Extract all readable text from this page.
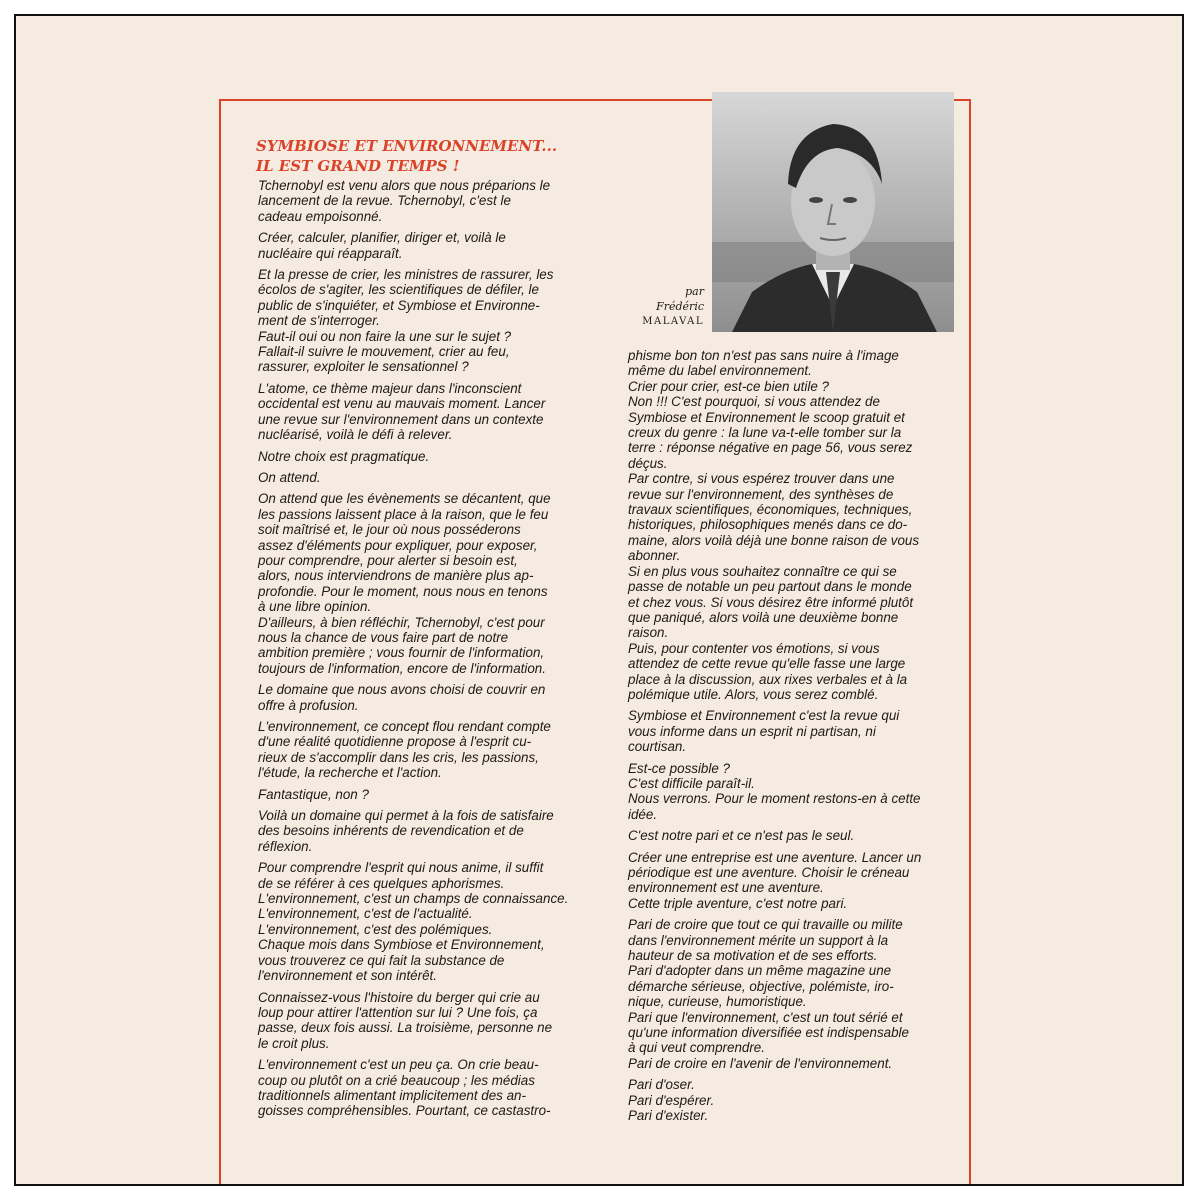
SYMBIOSE ET ENVIRONNEMENT...
IL EST GRAND TEMPS !
par
Frédéric
MALAVAL

Tchernobyl est venu alors que nous préparions le
lancement de la revue. Tchernobyl, c'est le
cadeau empoisonné.

Créer, calculer, planifier, diriger et, voilà le
nucléaire qui réapparaît.

Et la presse de crier, les ministres de rassurer, les
écolos de s'agiter, les scientifiques de défiler, le
public de s'inquiéter, et Symbiose et Environne-
ment de s'interroger.
Faut-il oui ou non faire la une sur le sujet ?
Fallait-il suivre le mouvement, crier au feu,
rassurer, exploiter le sensationnel ?

L'atome, ce thème majeur dans l'inconscient
occidental est venu au mauvais moment. Lancer
une revue sur l'environnement dans un contexte
nucléarisé, voilà le défi à relever.

Notre choix est pragmatique.

On attend.

On attend que les évènements se décantent, que
les passions laissent place à la raison, que le feu
soit maîtrisé et, le jour où nous posséderons
assez d'éléments pour expliquer, pour exposer,
pour comprendre, pour alerter si besoin est,
alors, nous interviendrons de manière plus ap-
profondie. Pour le moment, nous nous en tenons
à une libre opinion.
D'ailleurs, à bien réfléchir, Tchernobyl, c'est pour
nous la chance de vous faire part de notre
ambition première ; vous fournir de l'information,
toujours de l'information, encore de l'information.

Le domaine que nous avons choisi de couvrir en
offre à profusion.

L'environnement, ce concept flou rendant compte
d'une réalité quotidienne propose à l'esprit cu-
rieux de s'accomplir dans les cris, les passions,
l'étude, la recherche et l'action.

Fantastique, non ?

Voilà un domaine qui permet à la fois de satisfaire
des besoins inhérents de revendication et de
réflexion.

Pour comprendre l'esprit qui nous anime, il suffit
de se référer à ces quelques aphorismes.
L'environnement, c'est un champs de connaissance.
L'environnement, c'est de l'actualité.
L'environnement, c'est des polémiques.
Chaque mois dans Symbiose et Environnement,
vous trouverez ce qui fait la substance de
l'environnement et son intérêt.

Connaissez-vous l'histoire du berger qui crie au
loup pour attirer l'attention sur lui ? Une fois, ça
passe, deux fois aussi. La troisième, personne ne
le croit plus.

L'environnement c'est un peu ça. On crie beau-
coup ou plutôt on a crié beaucoup ; les médias
traditionnels alimentant implicitement des an-
goisses compréhensibles. Pourtant, ce castastro-

phisme bon ton n'est pas sans nuire à l'image
même du label environnement.
Crier pour crier, est-ce bien utile ?
Non !!! C'est pourquoi, si vous attendez de
Symbiose et Environnement le scoop gratuit et
creux du genre : la lune va-t-elle tomber sur la
terre : réponse négative en page 56, vous serez
déçus.
Par contre, si vous espérez trouver dans une
revue sur l'environnement, des synthèses de
travaux scientifiques, économiques, techniques,
historiques, philosophiques menés dans ce do-
maine, alors voilà déjà une bonne raison de vous
abonner.
Si en plus vous souhaitez connaître ce qui se
passe de notable un peu partout dans le monde
et chez vous. Si vous désirez être informé plutôt
que paniqué, alors voilà une deuxième bonne
raison.
Puis, pour contenter vos émotions, si vous
attendez de cette revue qu'elle fasse une large
place à la discussion, aux rixes verbales et à la
polémique utile. Alors, vous serez comblé.

Symbiose et Environnement c'est la revue qui
vous informe dans un esprit ni partisan, ni
courtisan.

Est-ce possible ?
C'est difficile paraît-il.
Nous verrons. Pour le moment restons-en à cette
idée.

C'est notre pari et ce n'est pas le seul.

Créer une entreprise est une aventure. Lancer un
périodique est une aventure. Choisir le créneau
environnement est une aventure.
Cette triple aventure, c'est notre pari.

Pari de croire que tout ce qui travaille ou milite
dans l'environnement mérite un support à la
hauteur de sa motivation et de ses efforts.
Pari d'adopter dans un même magazine une
démarche sérieuse, objective, polémiste, iro-
nique, curieuse, humoristique.
Pari que l'environnement, c'est un tout sérié et
qu'une information diversifiée est indispensable
à qui veut comprendre.
Pari de croire en l'avenir de l'environnement.

Pari d'oser.
Pari d'espérer.
Pari d'exister.
